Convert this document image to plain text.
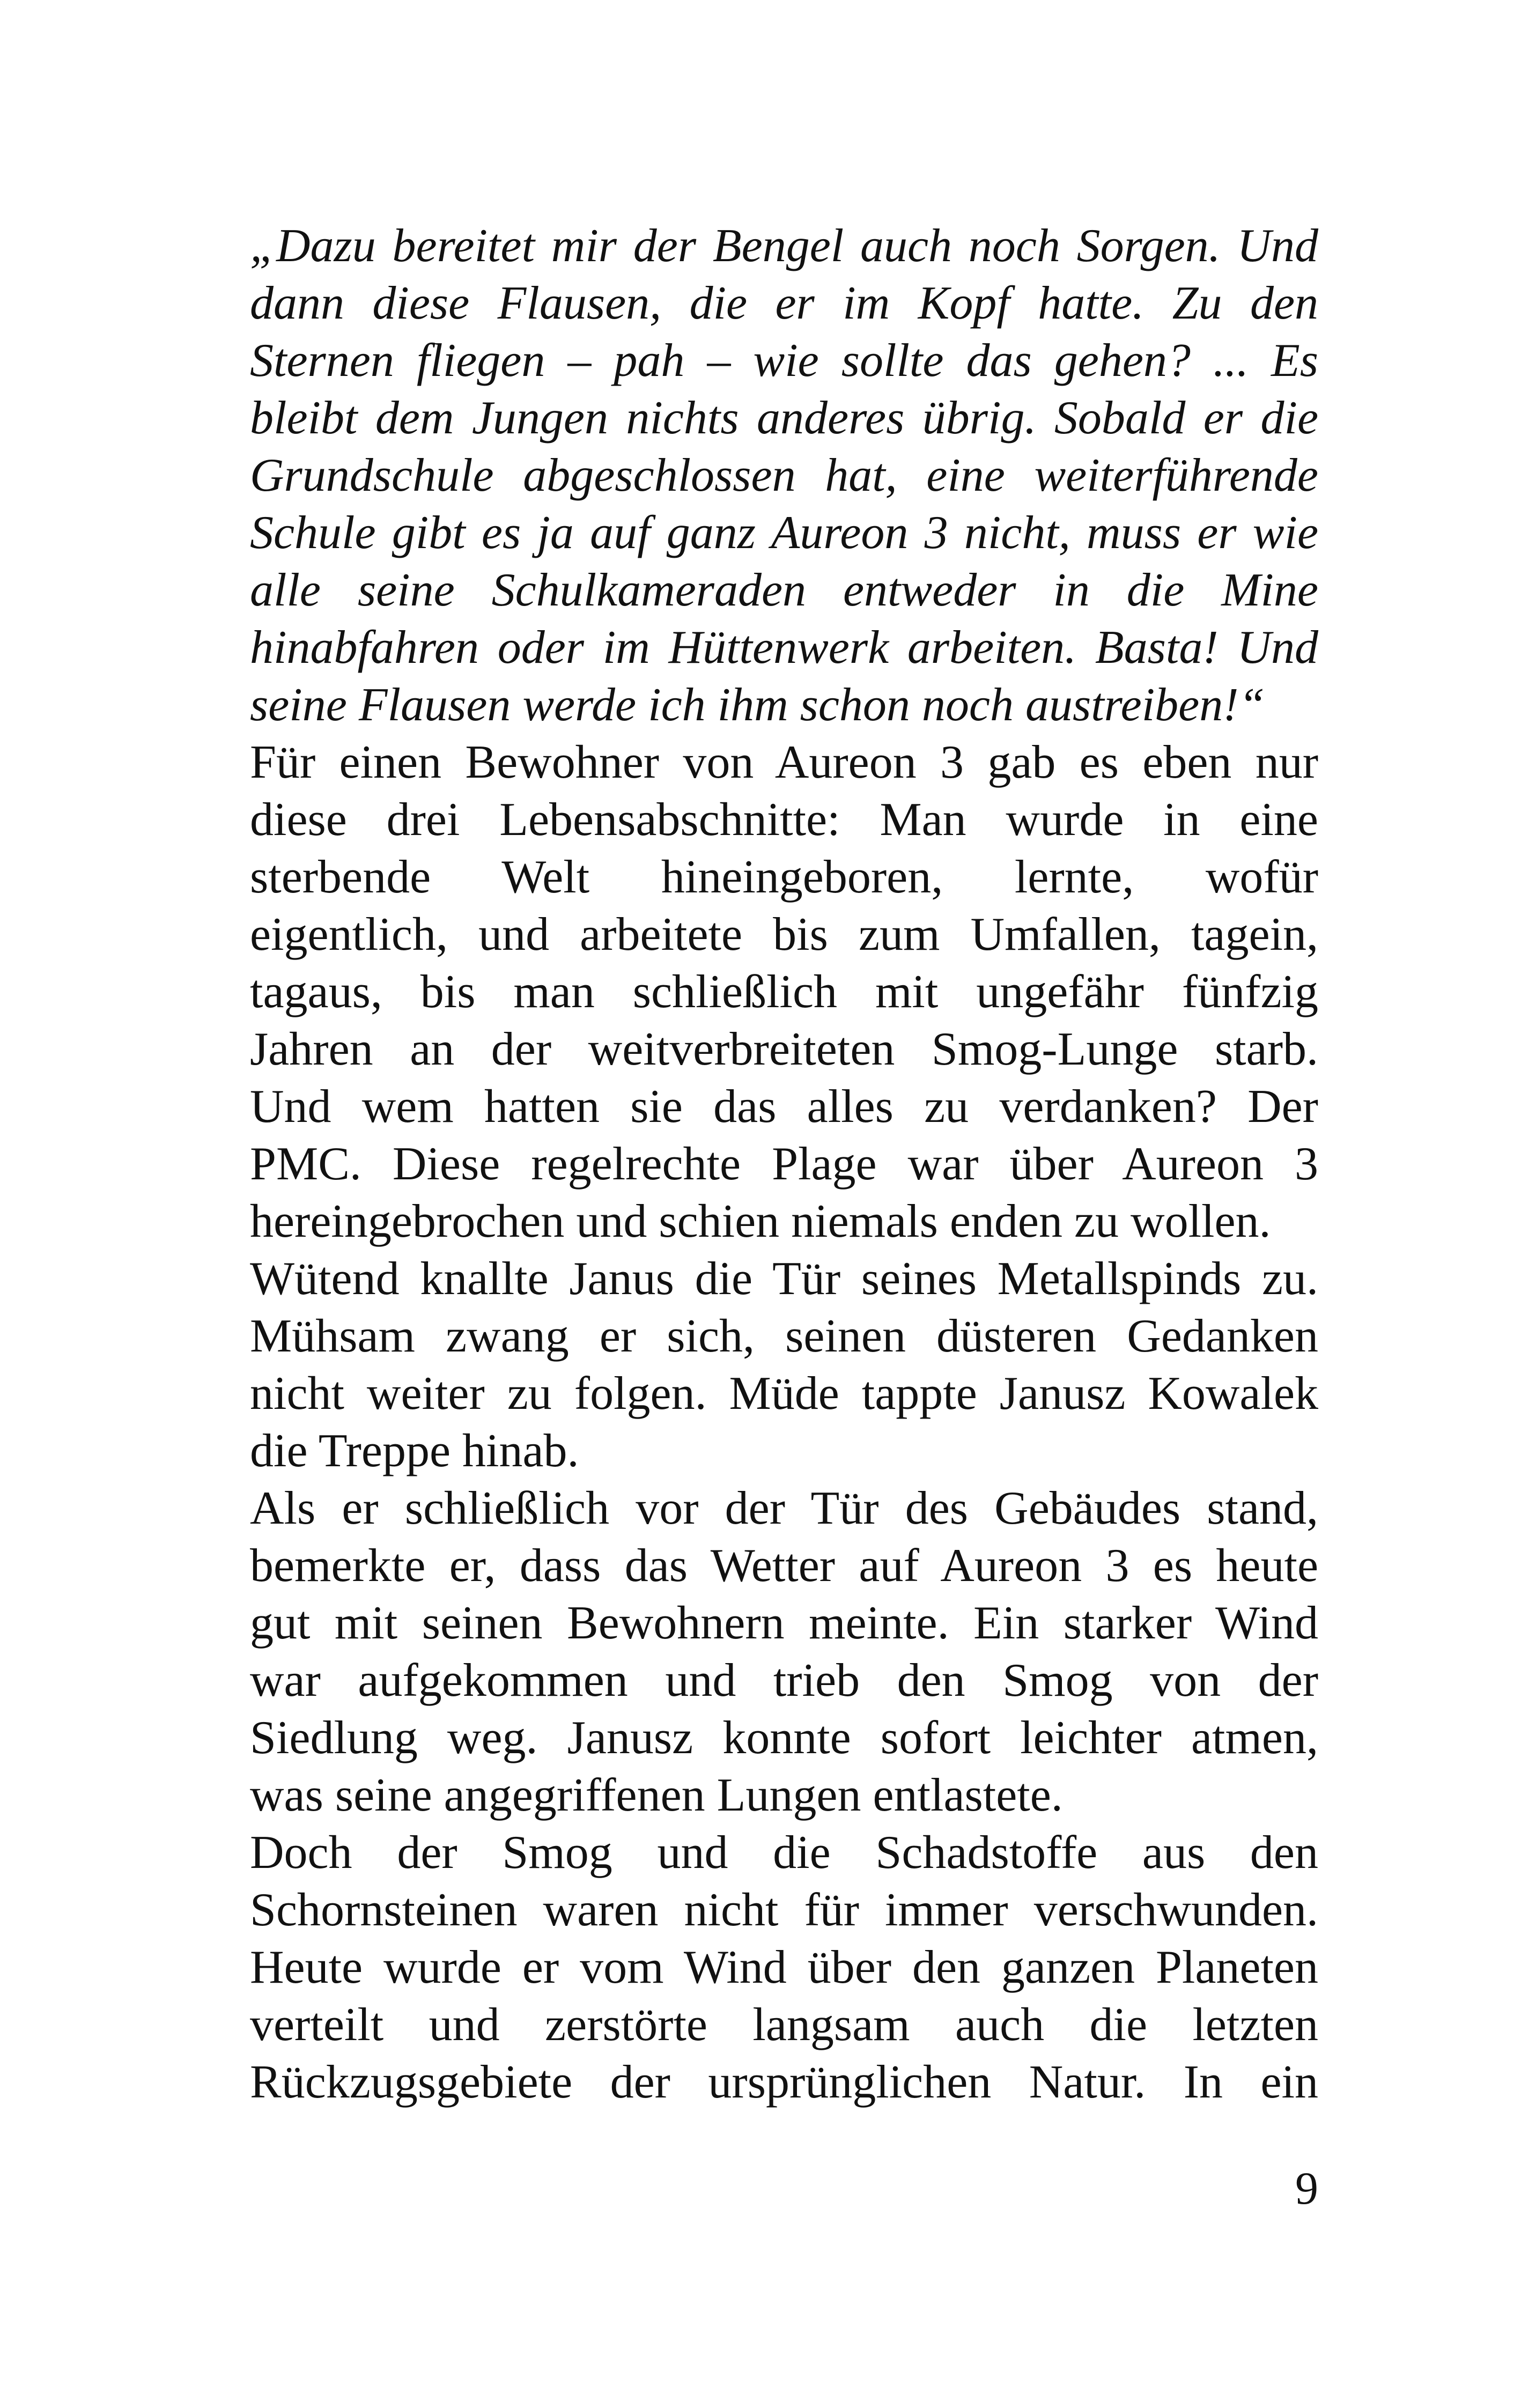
„Dazu bereitet mir der Bengel auch noch Sorgen. Und
dann diese Flausen, die er im Kopf hatte. Zu den
Sternen fliegen – pah – wie sollte das gehen? ... Es
bleibt dem Jungen nichts anderes übrig. Sobald er die
Grundschule abgeschlossen hat, eine weiterführende
Schule gibt es ja auf ganz Aureon 3 nicht, muss er wie
alle seine Schulkameraden entweder in die Mine
hinabfahren oder im Hüttenwerk arbeiten. Basta! Und
seine Flausen werde ich ihm schon noch austreiben!“
Für einen Bewohner von Aureon 3 gab es eben nur
diese drei Lebensabschnitte: Man wurde in eine
sterbende Welt hineingeboren, lernte, wofür
eigentlich, und arbeitete bis zum Umfallen, tagein,
tagaus, bis man schließlich mit ungefähr fünfzig
Jahren an der weitverbreiteten Smog-Lunge starb.
Und wem hatten sie das alles zu verdanken? Der
PMC. Diese regelrechte Plage war über Aureon 3
hereingebrochen und schien niemals enden zu wollen.
Wütend knallte Janus die Tür seines Metallspinds zu.
Mühsam zwang er sich, seinen düsteren Gedanken
nicht weiter zu folgen. Müde tappte Janusz Kowalek
die Treppe hinab.
Als er schließlich vor der Tür des Gebäudes stand,
bemerkte er, dass das Wetter auf Aureon 3 es heute
gut mit seinen Bewohnern meinte. Ein starker Wind
war aufgekommen und trieb den Smog von der
Siedlung weg. Janusz konnte sofort leichter atmen,
was seine angegriffenen Lungen entlastete.
Doch der Smog und die Schadstoffe aus den
Schornsteinen waren nicht für immer verschwunden.
Heute wurde er vom Wind über den ganzen Planeten
verteilt und zerstörte langsam auch die letzten
Rückzugsgebiete der ursprünglichen Natur. In ein
9
